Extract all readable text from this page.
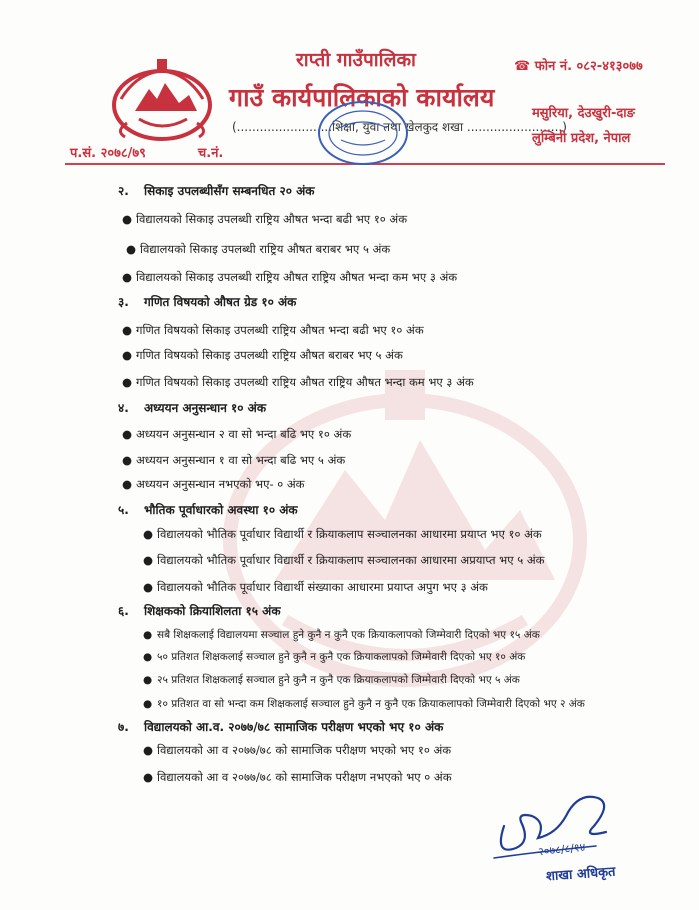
राप्ती गाउँपालिका
गाउँ कार्यपालिकाको कार्यालय
☎ फोन नं. ०८२-४१३०७७
(.........................शिक्षा, युवा तथा खेलकुद शखा .........................)
मसुरिया, देउखुरी-दाङ
लुम्बिनी प्रदेश, नेपाल
प.सं. २०७८/७९	च.नं.
२. सिकाइ उपलब्धीसँग सम्बनधित २० अंक
● विद्यालयको सिकाइ उपलब्धी राष्ट्रिय औषत भन्दा बढी भए १० अंक
● विद्यालयको सिकाइ उपलब्धी राष्ट्रिय औषत बराबर भए ५ अंक
● विद्यालयको सिकाइ उपलब्धी राष्ट्रिय औषत राष्ट्रिय औषत भन्दा कम भए ३ अंक
३. गणित विषयको औषत ग्रेड १० अंक
● गणित विषयको सिकाइ उपलब्धी राष्ट्रिय औषत भन्दा बढी भए १० अंक
● गणित विषयको सिकाइ उपलब्धी राष्ट्रिय औषत बराबर भए ५ अंक
● गणित विषयको सिकाइ उपलब्धी राष्ट्रिय औषत राष्ट्रिय औषत भन्दा कम भए ३ अंक
४. अध्ययन अनुसन्धान १० अंक
● अध्ययन अनुसन्धान २ वा सो भन्दा बढि भए १० अंक
● अध्ययन अनुसन्धान १ वा सो भन्दा बढि भए ५ अंक
● अध्ययन अनुसन्धान नभएको भए- ० अंक
५. भौतिक पूर्वाधारको अवस्था १० अंक
● विद्यालयको भौतिक पूर्वाधार विद्यार्थी र क्रियाकलाप सञ्चालनका आधारमा प्रयाप्त भए १० अंक
● विद्यालयको भौतिक पूर्वाधार विद्यार्थी र क्रियाकलाप सञ्चालनका आधारमा अप्रयाप्त भए ५ अंक
● विद्यालयको भौतिक पूर्वाधार विद्यार्थी संख्याका आधारमा प्रयाप्त अपुग भए ३ अंक
६. शिक्षकको क्रियाशिलता १५ अंक
● सबै शिक्षकलाई विद्यालयमा सञ्चाल हुने कुनै न कुनै एक क्रियाकलापको जिम्मेवारी दिएको भए १५ अंक
● ५० प्रतिशत शिक्षकलाई सञ्चाल हुने कुनै न कुनै एक क्रियाकलापको जिम्मेवारी दिएको भए १० अंक
● २५ प्रतिशत शिक्षकलाई सञ्चाल हुने कुनै न कुनै एक क्रियाकलापको जिम्मेवारी दिएको भए ५ अंक
● १० प्रतिशत वा सो भन्दा कम शिक्षकलाई सञ्चाल हुने कुनै न कुनै एक क्रियाकलापको जिम्मेवारी दिएको भए २ अंक
७. विद्यालयको आ.व. २०७७/७८ सामाजिक परीक्षण भएको भए १० अंक
● विद्यालयको आ व २०७७/७८ को सामाजिक परीक्षण भएको भए १० अंक
● विद्यालयको आ व २०७७/७८ को सामाजिक परीक्षण नभएको भए ० अंक
२०७८/८/१४
शाखा अधिकृत
